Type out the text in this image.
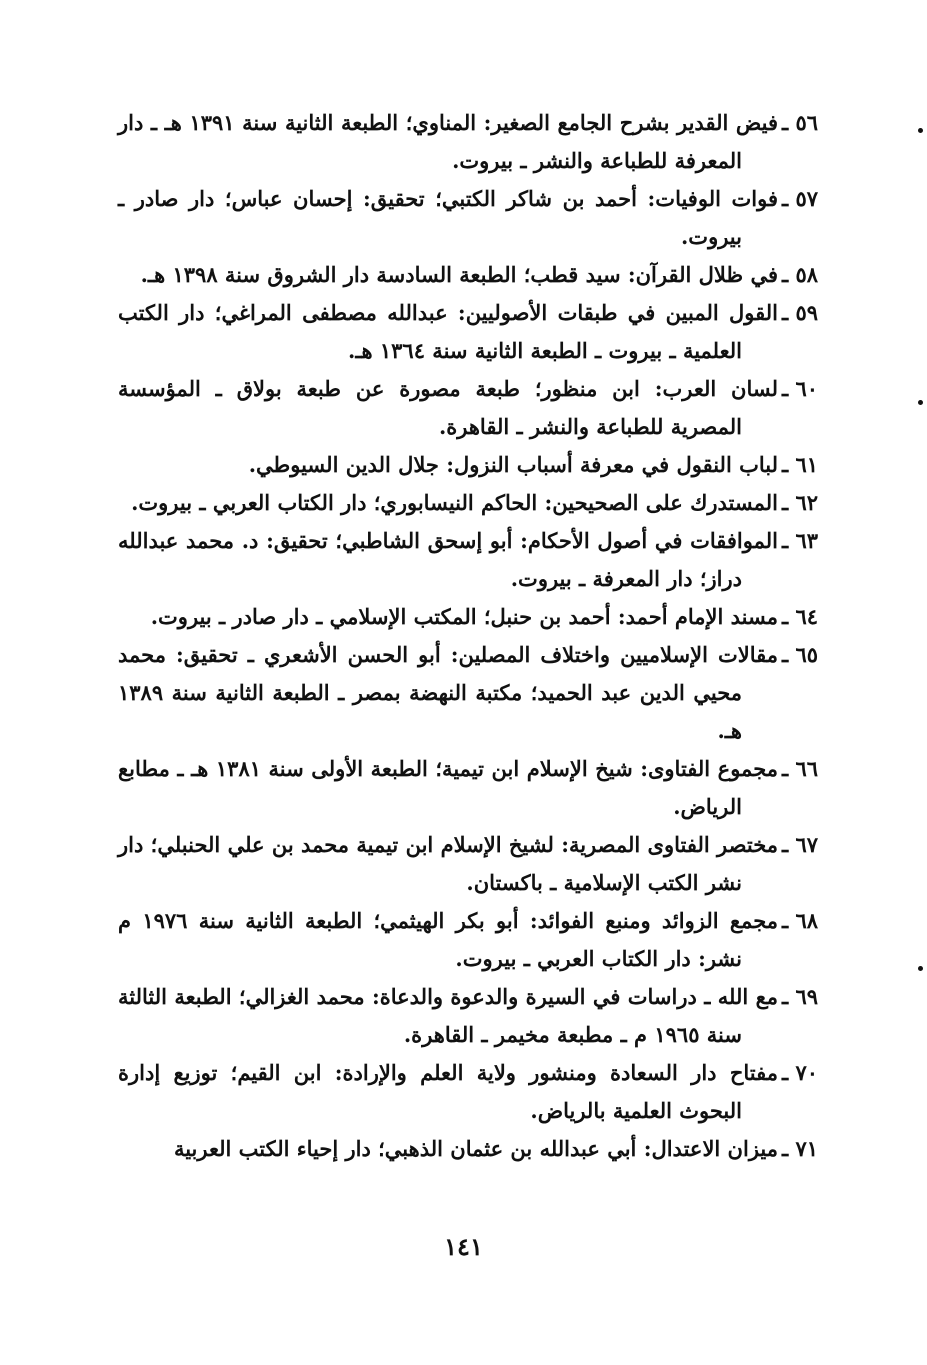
٥٦ ـفيض القدير بشرح الجامع الصغير: المناوي؛ الطبعة الثانية سنة ١٣٩١ هـ ـ دار المعرفة للطباعة والنشر ـ بيروت.

٥٧ ـفوات الوفيات: أحمد بن شاكر الكتبي؛ تحقيق: إحسان عباس؛ دار صادر ـ بيروت.

٥٨ ـفي ظلال القرآن: سيد قطب؛ الطبعة السادسة دار الشروق سنة ١٣٩٨ هـ.

٥٩ ـالقول المبين في طبقات الأصوليين: عبدالله مصطفى المراغي؛ دار الكتب العلمية ـ بيروت ـ الطبعة الثانية سنة ١٣٦٤ هـ.

٦٠ ـلسان العرب: ابن منظور؛ طبعة مصورة عن طبعة بولاق ـ المؤسسة المصرية للطباعة والنشر ـ القاهرة.

٦١ ـلباب النقول في معرفة أسباب النزول: جلال الدين السيوطي.

٦٢ ـالمستدرك على الصحيحين: الحاكم النيسابوري؛ دار الكتاب العربي ـ بيروت.

٦٣ ـالموافقات في أصول الأحكام: أبو إسحق الشاطبي؛ تحقيق: د. محمد عبدالله دراز؛ دار المعرفة ـ بيروت.

٦٤ ـمسند الإمام أحمد: أحمد بن حنبل؛ المكتب الإسلامي ـ دار صادر ـ بيروت.

٦٥ ـمقالات الإسلاميين واختلاف المصلين: أبو الحسن الأشعري ـ تحقيق: محمد محيي الدين عبد الحميد؛ مكتبة النهضة بمصر ـ الطبعة الثانية سنة ١٣٨٩ هـ.

٦٦ ـمجموع الفتاوى: شيخ الإسلام ابن تيمية؛ الطبعة الأولى سنة ١٣٨١ هـ ـ مطابع الرياض.

٦٧ ـمختصر الفتاوى المصرية: لشيخ الإسلام ابن تيمية محمد بن علي الحنبلي؛ دار نشر الكتب الإسلامية ـ باكستان.

٦٨ ـمجمع الزوائد ومنبع الفوائد: أبو بكر الهيثمي؛ الطبعة الثانية سنة ١٩٧٦ م نشر: دار الكتاب العربي ـ بيروت.

٦٩ ـمع الله ـ دراسات في السيرة والدعوة والدعاة: محمد الغزالي؛ الطبعة الثالثة سنة ١٩٦٥ م ـ مطبعة مخيمر ـ القاهرة.

٧٠ ـمفتاح دار السعادة ومنشور ولاية العلم والإرادة: ابن القيم؛ توزيع إدارة البحوث العلمية بالرياض.

٧١ ـميزان الاعتدال: أبي عبدالله بن عثمان الذهبي؛ دار إحياء الكتب العربية

١٤١
